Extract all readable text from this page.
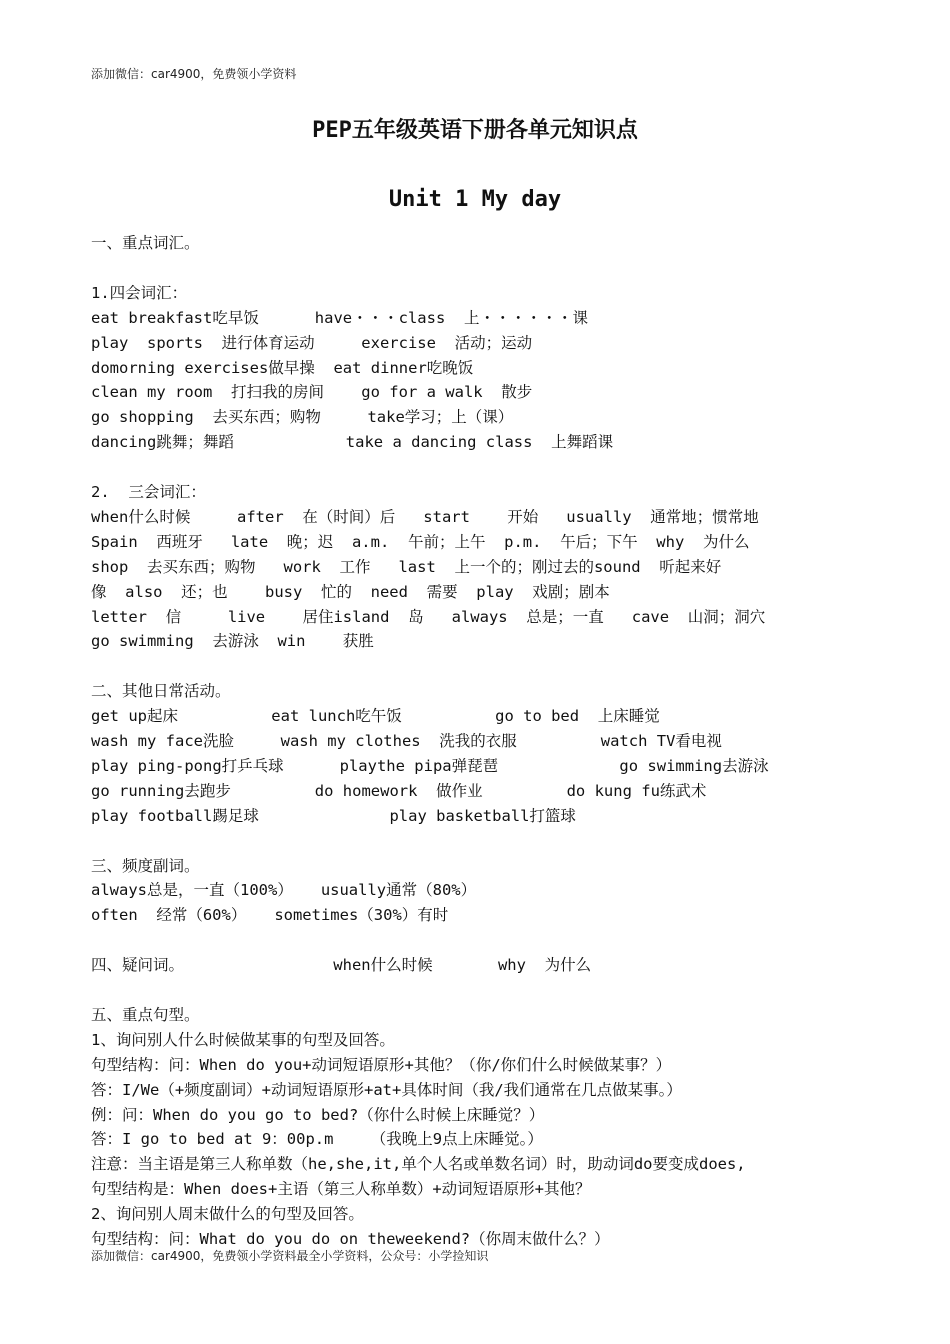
添加微信：car4900，免费领小学资料
PEP五年级英语下册各单元知识点
Unit 1 My day
一、重点词汇。
1.四会词汇：
eat breakfast吃早饭      have・・・class  上・・・・・・课
play  sports  进行体育运动     exercise  活动；运动
domorning exercises做早操  eat dinner吃晚饭
clean my room  打扫我的房间    go for a walk  散步
go shopping  去买东西；购物     take学习；上（课）
dancing跳舞；舞蹈            take a dancing class  上舞蹈课
2.  三会词汇：
when什么时候     after  在（时间）后   start    开始   usually  通常地；惯常地
Spain  西班牙   late  晚；迟  a.m.  午前；上午  p.m.  午后；下午  why  为什么
shop  去买东西；购物   work  工作   last  上一个的；刚过去的sound  听起来好
像  also  还；也    busy  忙的  need  需要  play  戏剧；剧本
letter  信     live    居住island  岛   always  总是；一直   cave  山洞；洞穴
go swimming  去游泳  win    获胜
二、其他日常活动。
get up起床          eat lunch吃午饭          go to bed  上床睡觉
wash my face洗脸     wash my clothes  洗我的衣服         watch TV看电视
play ping-pong打乒乓球      playthe pipa弹琵琶             go swimming去游泳
go running去跑步         do homework  做作业         do kung fu练武术
play football踢足球              play basketball打篮球
三、频度副词。
always总是，一直（100%）   usually通常（80%）
often  经常（60%）   sometimes（30%）有时
四、疑问词。                when什么时候       why  为什么
五、重点句型。
1、询问别人什么时候做某事的句型及回答。
句型结构：问：When do you+动词短语原形+其他？（你/你们什么时候做某事？）
答：I/We（+频度副词）+动词短语原形+at+具体时间（我/我们通常在几点做某事。）
例：问：When do you go to bed?（你什么时候上床睡觉？）
答：I go to bed at 9：00p.m    （我晚上9点上床睡觉。）
注意：当主语是第三人称单数（he,she,it,单个人名或单数名词）时，助动词do要变成does,
句型结构是：When does+主语（第三人称单数）+动词短语原形+其他？
2、询问别人周末做什么的句型及回答。
句型结构：问：What do you do on theweekend?（你周末做什么？）
添加微信：car4900，免费领小学资料最全小学资料，公众号：小学捡知识
